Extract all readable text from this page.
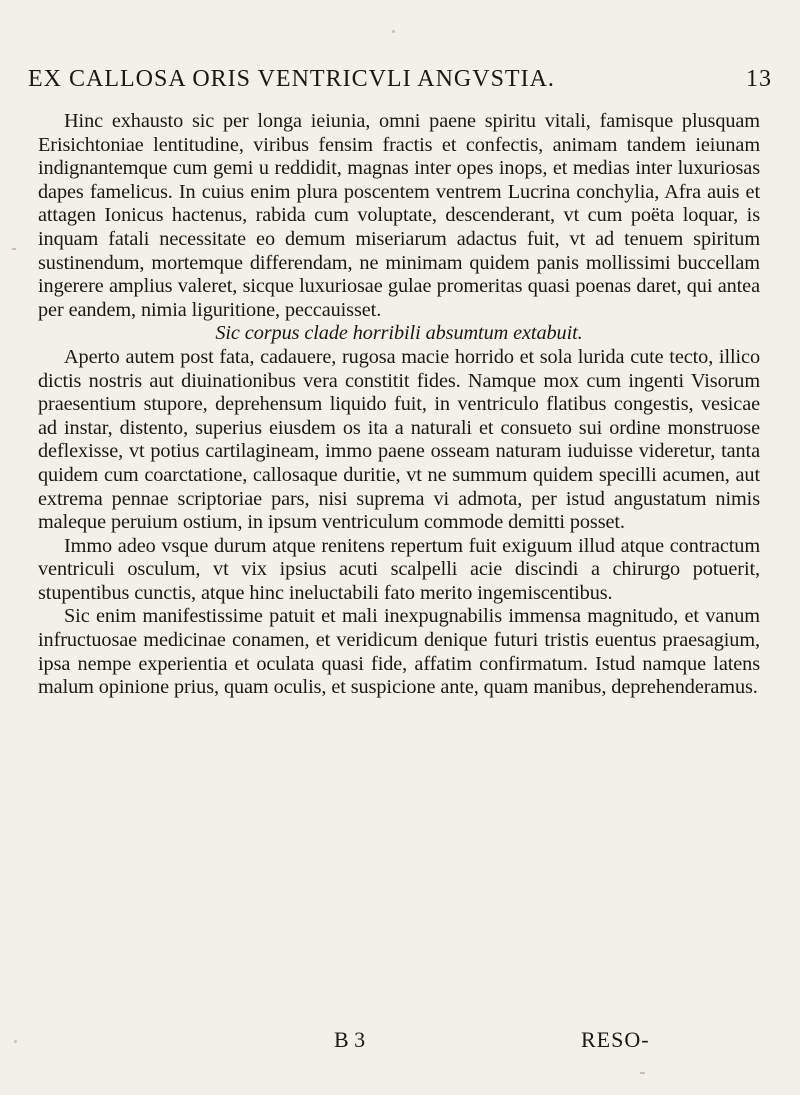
EX CALLOSA ORIS VENTRICVLI ANGVSTIA.	13

Hinc exhausto sic per longa ieiunia, omni paene spiritu vitali, famisque plusquam Erisichtoniae lentitudine, viribus fensim fractis et confectis, animam tandem ieiunam indignantemque cum gemi u reddidit, magnas inter opes inops, et medias inter luxuriosas dapes famelicus. In cuius enim plura poscentem ventrem Lucrina conchylia, Afra auis et attagen Ionicus hactenus, rabida cum voluptate, descenderant, vt cum poëta loquar, is inquam fatali necessitate eo demum miseriarum adactus fuit, vt ad tenuem spiritum sustinendum, mortemque differendam, ne minimam quidem panis mollissimi buccellam ingerere amplius valeret, sicque luxuriosae gulae promeritas quasi poenas daret, qui antea per eandem, nimia liguritione, peccauisset.

Sic corpus clade horribili absumtum extabuit.

Aperto autem post fata, cadauere, rugosa macie horrido et sola lurida cute tecto, illico dictis nostris aut diuinationibus vera constitit fides. Namque mox cum ingenti Visorum praesentium stupore, deprehensum liquido fuit, in ventriculo flatibus congestis, vesicae ad instar, distento, superius eiusdem os ita a naturali et consueto sui ordine monstruose deflexisse, vt potius cartilagineam, immo paene osseam naturam iuduisse videretur, tanta quidem cum coarctatione, callosaque duritie, vt ne summum quidem specilli acumen, aut extrema pennae scriptoriae pars, nisi suprema vi admota, per istud angustatum nimis maleque peruium ostium, in ipsum ventriculum commode demitti posset.

Immo adeo vsque durum atque renitens repertum fuit exiguum illud atque contractum ventriculi osculum, vt vix ipsius acuti scalpelli acie discindi a chirurgo potuerit, stupentibus cunctis, atque hinc ineluctabili fato merito ingemiscentibus.

Sic enim manifestissime patuit et mali inexpugnabilis immensa magnitudo, et vanum infructuosae medicinae conamen, et veridicum denique futuri tristis euentus praesagium, ipsa nempe experientia et oculata quasi fide, affatim confirmatum. Istud namque latens malum opinione prius, quam oculis, et suspicione ante, quam manibus, deprehenderamus.

B 3	RESO-
